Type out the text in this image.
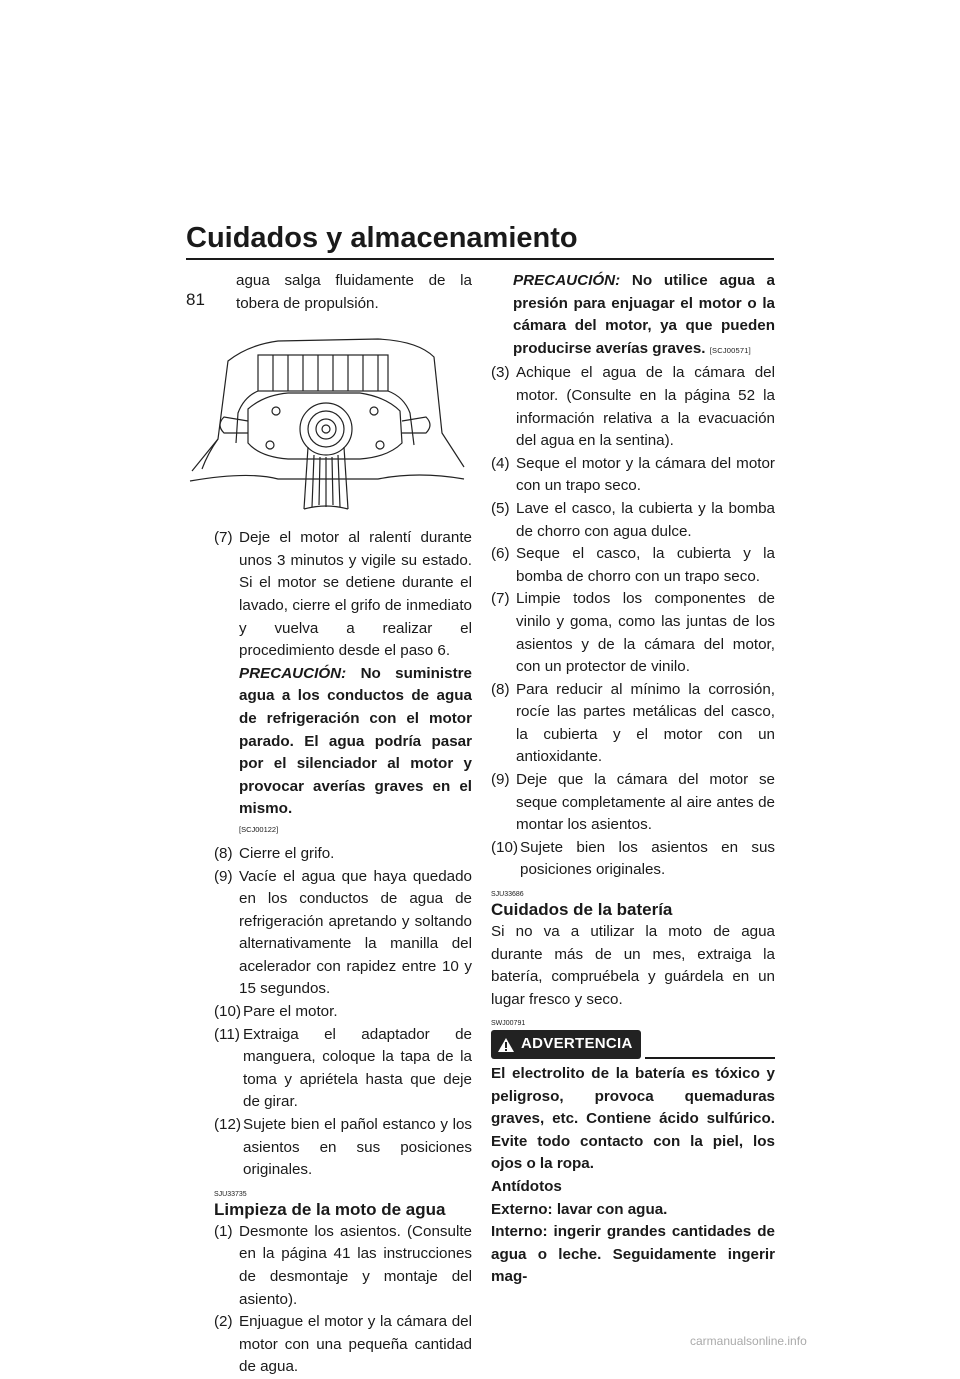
Cuidados y almacenamiento
81

agua salga fluidamente de la tobera de propulsión.

(7) Deje el motor al ralentí durante unos 3 minutos y vigile su estado. Si el motor se detiene durante el lavado, cierre el grifo de inmediato y vuelva a realizar el procedimiento desde el paso 6.

PRECAUCIÓN: No suministre agua a los conductos de agua de refrigeración con el motor parado. El agua podría pasar por el silenciador al motor y provocar averías graves en el mismo.

[SCJ00122]

(8) Cierre el grifo.
(9) Vacíe el agua que haya quedado en los conductos de agua de refrigeración apretando y soltando alternativamente la manilla del acelerador con rapidez entre 10 y 15 segundos.
(10) Pare el motor.
(11) Extraiga el adaptador de manguera, coloque la tapa de la toma y apriétela hasta que deje de girar.
(12) Sujete bien el pañol estanco y los asientos en sus posiciones originales.
SJU33735
Limpieza de la moto de agua
(1) Desmonte los asientos. (Consulte en la página 41 las instrucciones de desmontaje y montaje del asiento).
(2) Enjuague el motor y la cámara del motor con una pequeña cantidad de agua.

PRECAUCIÓN: No utilice agua a presión para enjuagar el motor o la cámara del motor, ya que pueden producirse averías graves. [SCJ00571]

(3) Achique el agua de la cámara del motor. (Consulte en la página 52 la información relativa a la evacuación del agua en la sentina).
(4) Seque el motor y la cámara del motor con un trapo seco.
(5) Lave el casco, la cubierta y la bomba de chorro con agua dulce.
(6) Seque el casco, la cubierta y la bomba de chorro con un trapo seco.
(7) Limpie todos los componentes de vinilo y goma, como las juntas de los asientos y de la cámara del motor, con un protector de vinilo.
(8) Para reducir al mínimo la corrosión, rocíe las partes metálicas del casco, la cubierta y el motor con un antioxidante.
(9) Deje que la cámara del motor se seque completamente al aire antes de montar los asientos.
(10) Sujete bien los asientos en sus posiciones originales.
SJU33686
Cuidados de la batería

Si no va a utilizar la moto de agua durante más de un mes, extraiga la batería, compruébela y guárdela en un lugar fresco y seco.

SWJ00791
ADVERTENCIA

El electrolito de la batería es tóxico y peligroso, provoca quemaduras graves, etc. Contiene ácido sulfúrico. Evite todo contacto con la piel, los ojos o la ropa.

Antídotos

Externo: lavar con agua.

Interno: ingerir grandes cantidades de agua o leche. Seguidamente ingerir mag-

carmanualsonline.info
